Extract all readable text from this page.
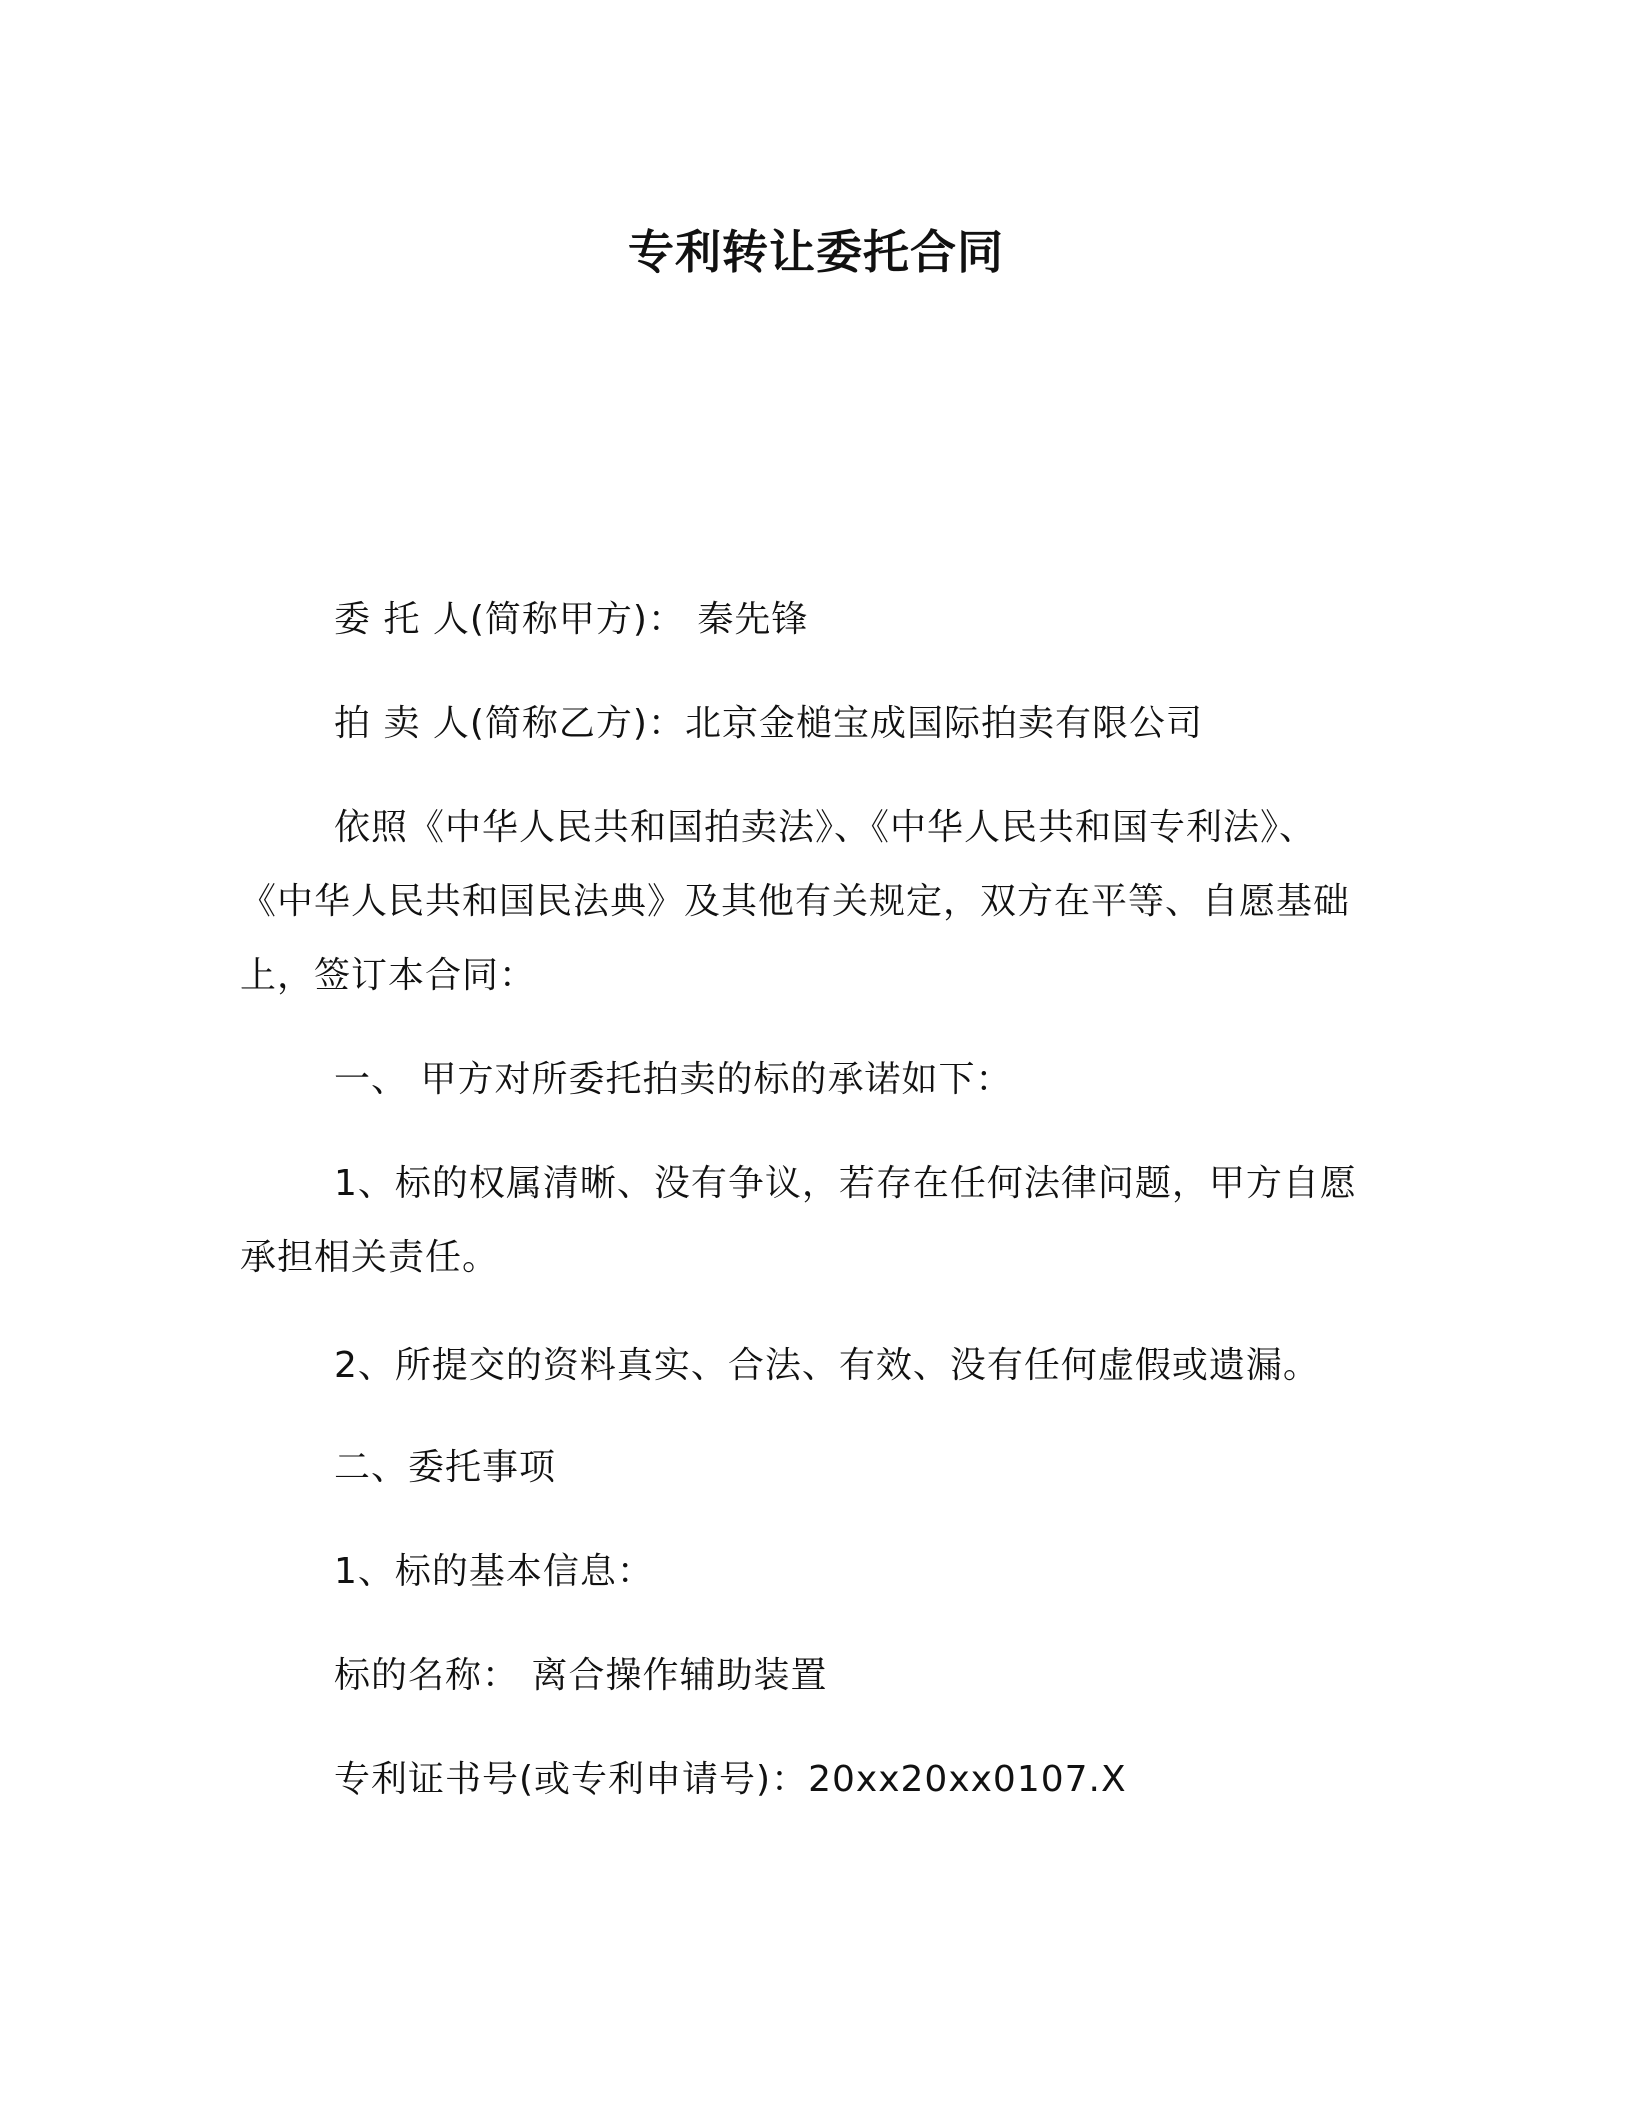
专利转让委托合同
委 托 人(简称甲方)： 秦先锋
拍 卖 人(简称乙方)：北京金槌宝成国际拍卖有限公司
依照《中华人民共和国拍卖法》、《中华人民共和国专利法》、
《中华人民共和国民法典》及其他有关规定，双方在平等、自愿基础
上，签订本合同：
一、 甲方对所委托拍卖的标的承诺如下：
1、标的权属清晰、没有争议，若存在任何法律问题，甲方自愿
承担相关责任。
2、所提交的资料真实、合法、有效、没有任何虚假或遗漏。
二、委托事项
1、标的基本信息：
标的名称： 离合操作辅助装置
专利证书号(或专利申请号)：20xx20xx0107.X
